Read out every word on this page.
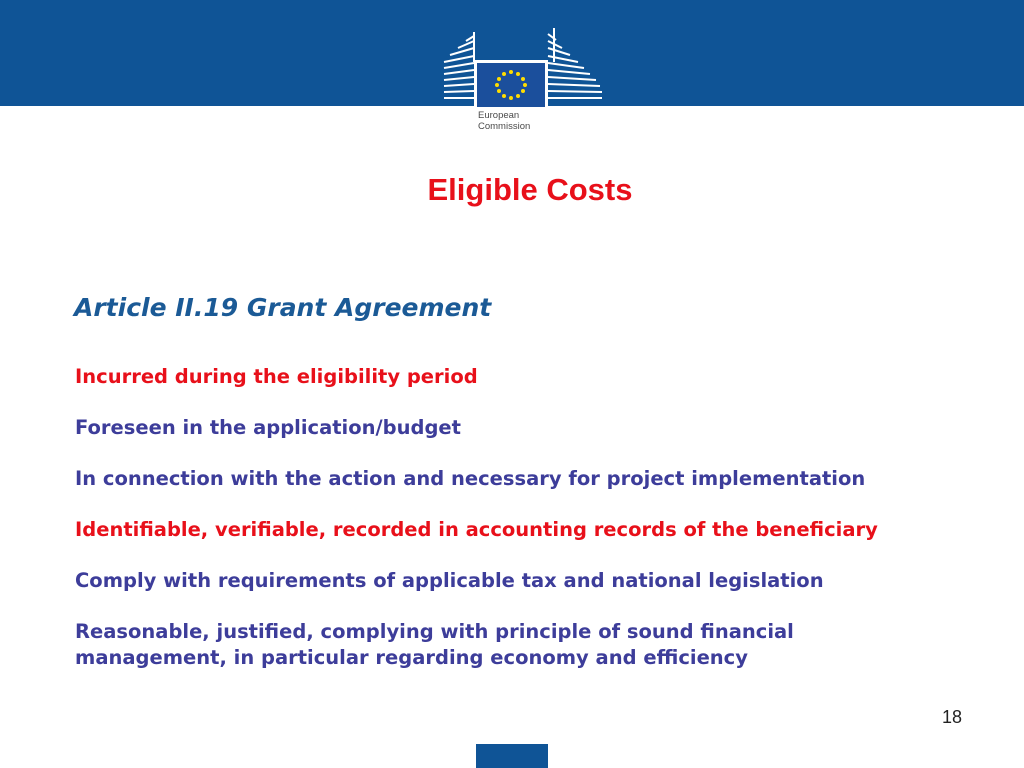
European
Commission
Eligible Costs
Article II.19 Grant Agreement
Incurred during the eligibility period
Foreseen in the application/budget
In connection with the action and necessary for project implementation
Identifiable, verifiable, recorded in accounting records of the beneficiary
Comply with requirements of applicable tax and national legislation
Reasonable, justified, complying with principle of sound financial
management, in particular regarding economy and efficiency
18
